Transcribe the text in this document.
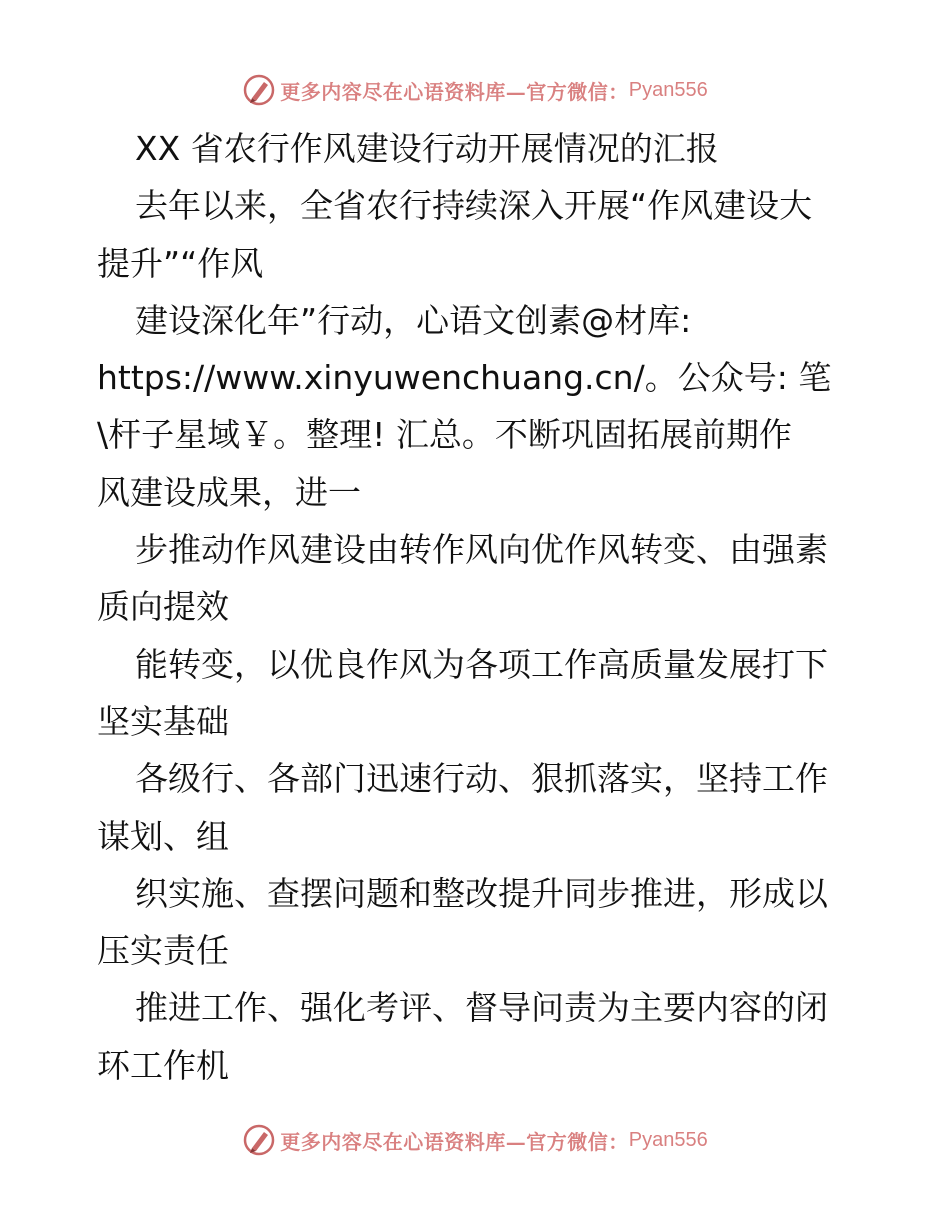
更多内容尽在心语资料库—官方微信： Pyan556
XX 省农行作风建设行动开展情况的汇报
去年以来，全省农行持续深入开展“作风建设大
提升”“作风
建设深化年”行动，心语文创素@材库:
https://www.xinyuwenchuang.cn/。公众号: 笔
\杆子星域￥。整理! 汇总。不断巩固拓展前期作
风建设成果，进一
步推动作风建设由转作风向优作风转变、由强素
质向提效
能转变，以优良作风为各项工作高质量发展打下
坚实基础
各级行、各部门迅速行动、狠抓落实，坚持工作
谋划、组
织实施、查摆问题和整改提升同步推进，形成以
压实责任
推进工作、强化考评、督导问责为主要内容的闭
环工作机
更多内容尽在心语资料库—官方微信： Pyan556
